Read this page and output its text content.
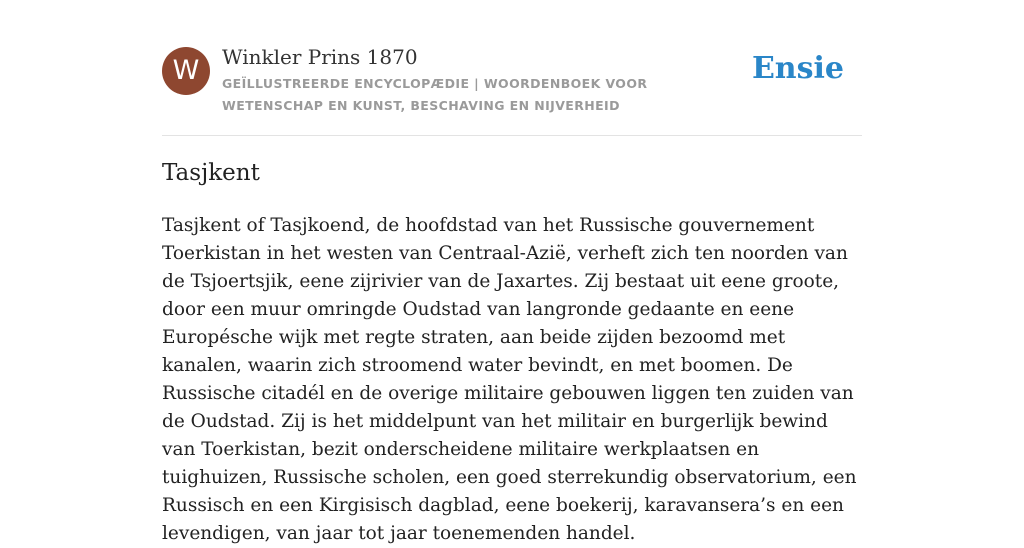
W	Winkler Prins 1870
GEÏLLUSTREERDE ENCYCLOPÆDIE | WOORDENBOEK VOOR WETENSCHAP EN KUNST, BESCHAVING EN NIJVERHEID
Ensie
Tasjkent

Tasjkent of Tasjkoend, de hoofdstad van het Russische gouvernement Toerkistan in het westen van Centraal-Azië, verheft zich ten noorden van de Tsjoertsjik, eene zijrivier van de Jaxartes. Zij bestaat uit eene groote, door een muur omringde Oudstad van langronde gedaante en eene Europésche wijk met regte straten, aan beide zijden bezoomd met kanalen, waarin zich stroomend water bevindt, en met boomen. De Russische citadél en de overige militaire gebouwen liggen ten zuiden van de Oudstad. Zij is het middelpunt van het militair en burgerlijk bewind van Toerkistan, bezit onderscheidene militaire werkplaatsen en tuighuizen, Russische scholen, een goed sterrekundig observatorium, een Russisch en een Kirgisisch dagblad, eene boekerij, karavansera’s en een levendigen, van jaar tot jaar toenemenden handel.
